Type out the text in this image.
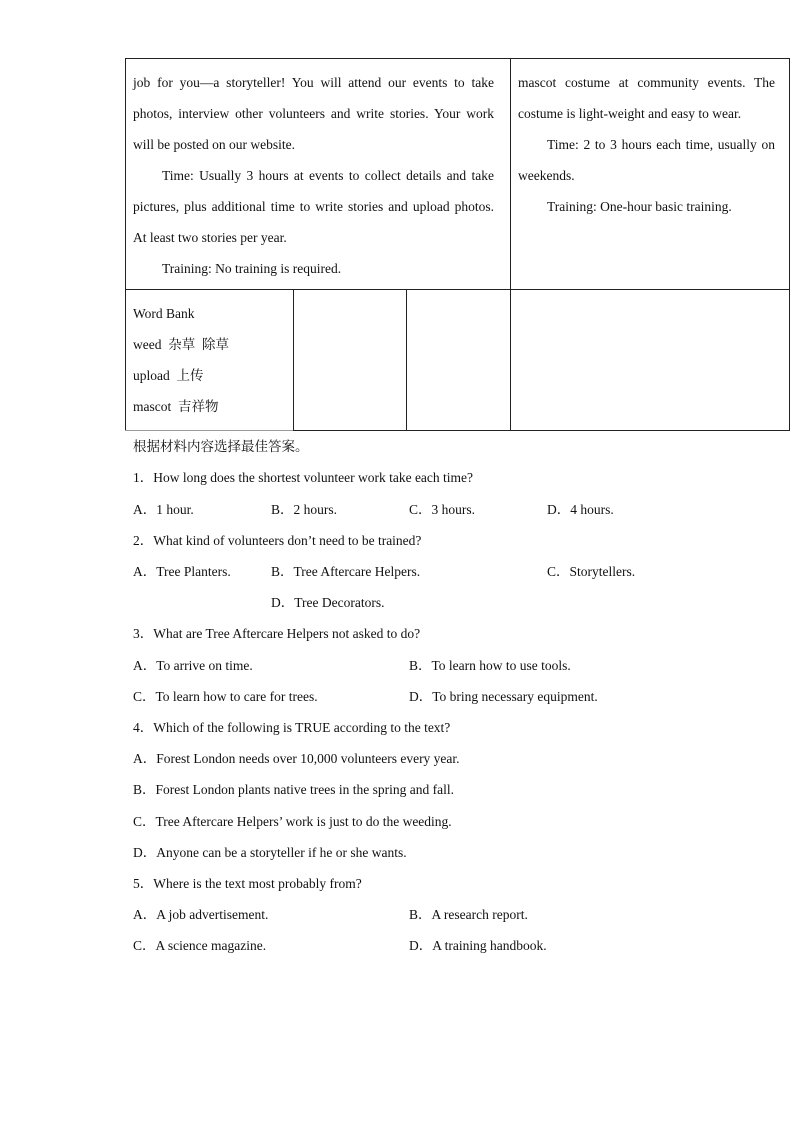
job for you—a storyteller! You will attend our events to take photos, interview other volunteers and write stories. Your work will be posted on our website.

Time: Usually 3 hours at events to collect details and take pictures, plus additional time to write stories and upload photos. At least two stories per year.

Training: No training is required.

mascot costume at community events. The costume is light-weight and easy to wear.

Time: 2 to 3 hours each time, usually on weekends.

Training: One-hour basic training.

Word Bank

weed 杂草  除草

upload 上传

mascot 吉祥物

根据材料内容选择最佳答案。
1．How long does the shortest volunteer work take each time?
A．1 hour.	B．2 hours.	C．3 hours.	D．4 hours.
2．What kind of volunteers don’t need to be trained?
A．Tree Planters.	B．Tree Aftercare Helpers.	C．Storytellers.
D．Tree Decorators.
3．What are Tree Aftercare Helpers not asked to do?
A．To arrive on time.	B．To learn how to use tools.
C．To learn how to care for trees.	D．To bring necessary equipment.
4．Which of the following is TRUE according to the text?
A．Forest London needs over 10,000 volunteers every year.
B．Forest London plants native trees in the spring and fall.
C．Tree Aftercare Helpers’ work is just to do the weeding.
D．Anyone can be a storyteller if he or she wants.
5．Where is the text most probably from?
A．A job advertisement.	B．A research report.
C．A science magazine.	D．A training handbook.
